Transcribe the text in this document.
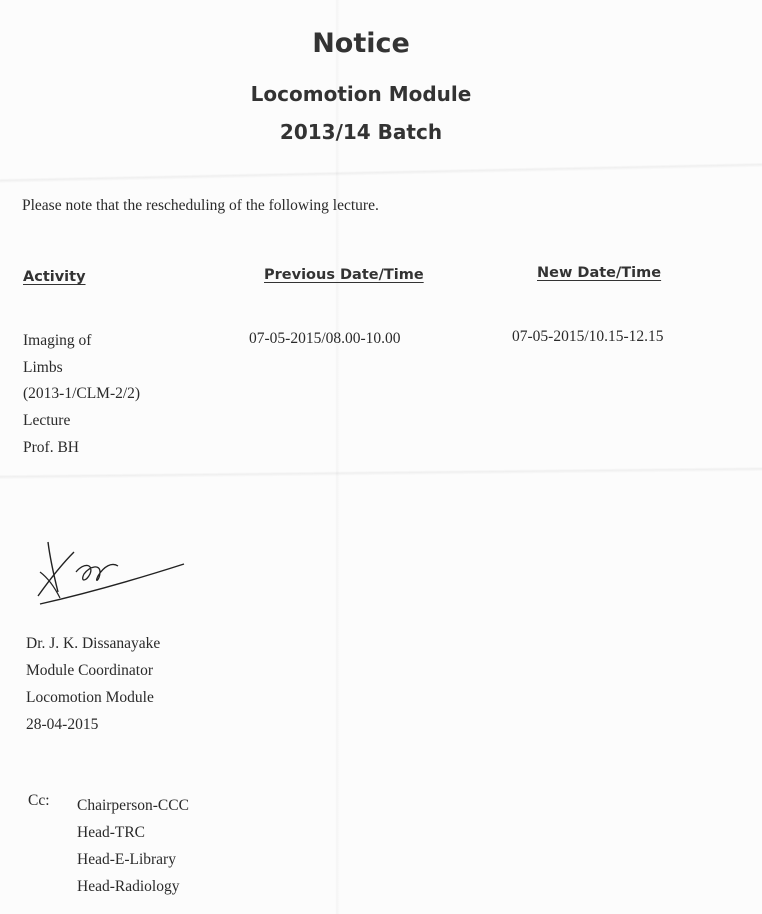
Notice
Locomotion Module
2013/14 Batch
Please note that the rescheduling of the following lecture.
Activity	Previous Date/Time	New Date/Time
Imaging of
Limbs
(2013-1/CLM-2/2)
Lecture
Prof. BH
07-05-2015/08.00-10.00	07-05-2015/10.15-12.15
Dr. J. K. Dissanayake
Module Coordinator
Locomotion Module
28-04-2015
Cc: Chairperson-CCC
Head-TRC
Head-E-Library
Head-Radiology
